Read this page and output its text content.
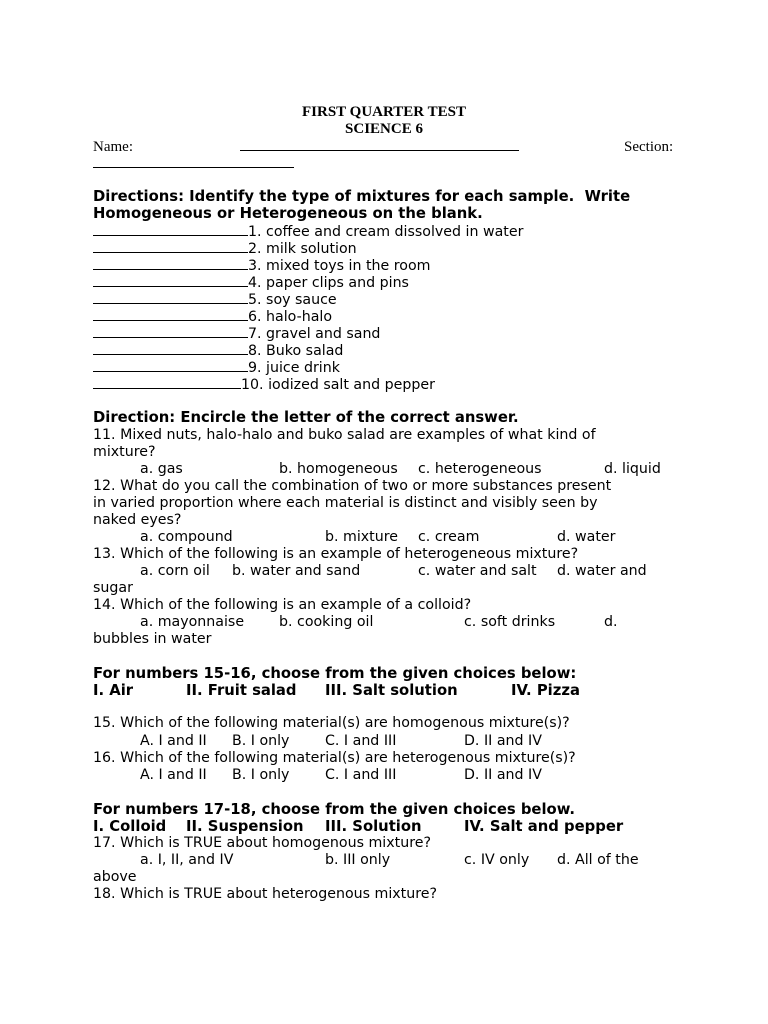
FIRST QUARTER TEST
SCIENCE 6
Name:	Section:
Directions: Identify the type of mixtures for each sample.  Write
Homogeneous or Heterogeneous on the blank.
1. coffee and cream dissolved in water
2. milk solution
3. mixed toys in the room
4. paper clips and pins
5. soy sauce
6. halo-halo
7. gravel and sand
8. Buko salad
9. juice drink
10. iodized salt and pepper
Direction: Encircle the letter of the correct answer.
11. Mixed nuts, halo-halo and buko salad are examples of what kind of
mixture?
a. gas	b. homogeneous c. heterogeneous	d. liquid
12. What do you call the combination of two or more substances present
in varied proportion where each material is distinct and visibly seen by
naked eyes?
a. compound	b. mixture c. cream	d. water
13. Which of the following is an example of heterogeneous mixture?
a. corn oil b. water and sand	c. water and salt d. water and
sugar
14. Which of the following is an example of a colloid?
a. mayonnaise b. cooking oil	c. soft drinks	d.
bubbles in water
For numbers 15-16, choose from the given choices below:
I. Air	II. Fruit salad III. Salt solution	IV. Pizza
15. Which of the following material(s) are homogenous mixture(s)?
A. I and II B. I only	C. I and III	D. II and IV
16. Which of the following material(s) are heterogenous mixture(s)?
A. I and II B. I only	C. I and III	D. II and IV
For numbers 17-18, choose from the given choices below.
I. Colloid II. Suspension III. Solution	IV. Salt and pepper
17. Which is TRUE about homogenous mixture?
a. I, II, and IV	b. III only	c. IV only d. All of the
above
18. Which is TRUE about heterogenous mixture?
